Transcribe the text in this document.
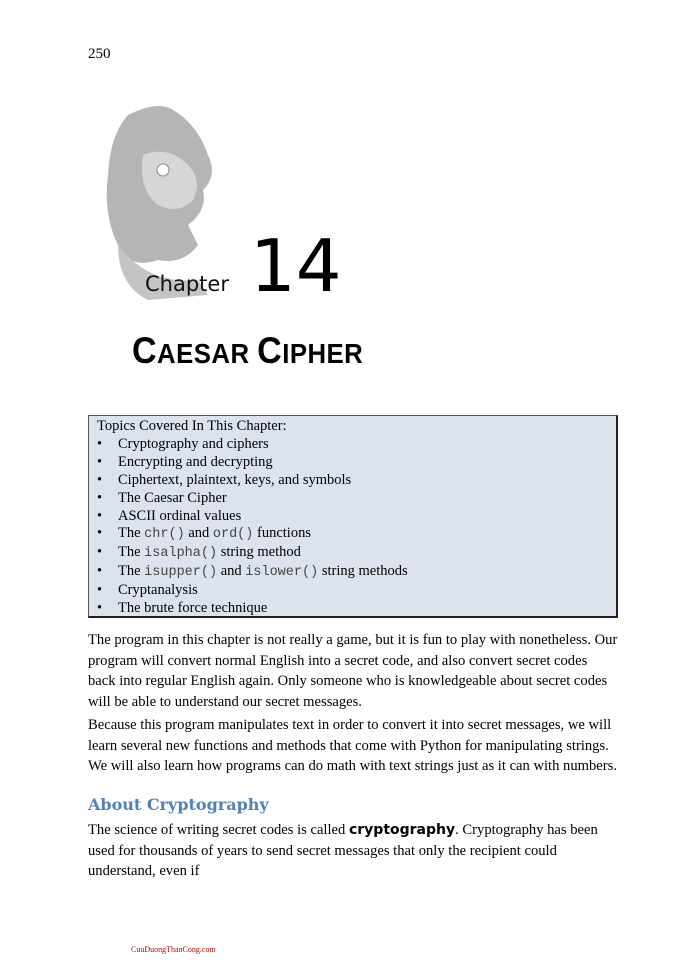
250
Chapter 14
CAESAR CIPHER
Topics Covered In This Chapter:
• Cryptography and ciphers
• Encrypting and decrypting
• Ciphertext, plaintext, keys, and symbols
• The Caesar Cipher
• ASCII ordinal values
• The chr() and ord() functions
• The isalpha() string method
• The isupper() and islower() string methods
• Cryptanalysis
• The brute force technique
The program in this chapter is not really a game, but it is fun to play with nonetheless. Our program will convert normal English into a secret code, and also convert secret codes back into regular English again. Only someone who is knowledgeable about secret codes will be able to understand our secret messages.
Because this program manipulates text in order to convert it into secret messages, we will learn several new functions and methods that come with Python for manipulating strings. We will also learn how programs can do math with text strings just as it can with numbers.
About Cryptography
The science of writing secret codes is called cryptography. Cryptography has been used for thousands of years to send secret messages that only the recipient could understand, even if
CuuDuongThanCong.com
